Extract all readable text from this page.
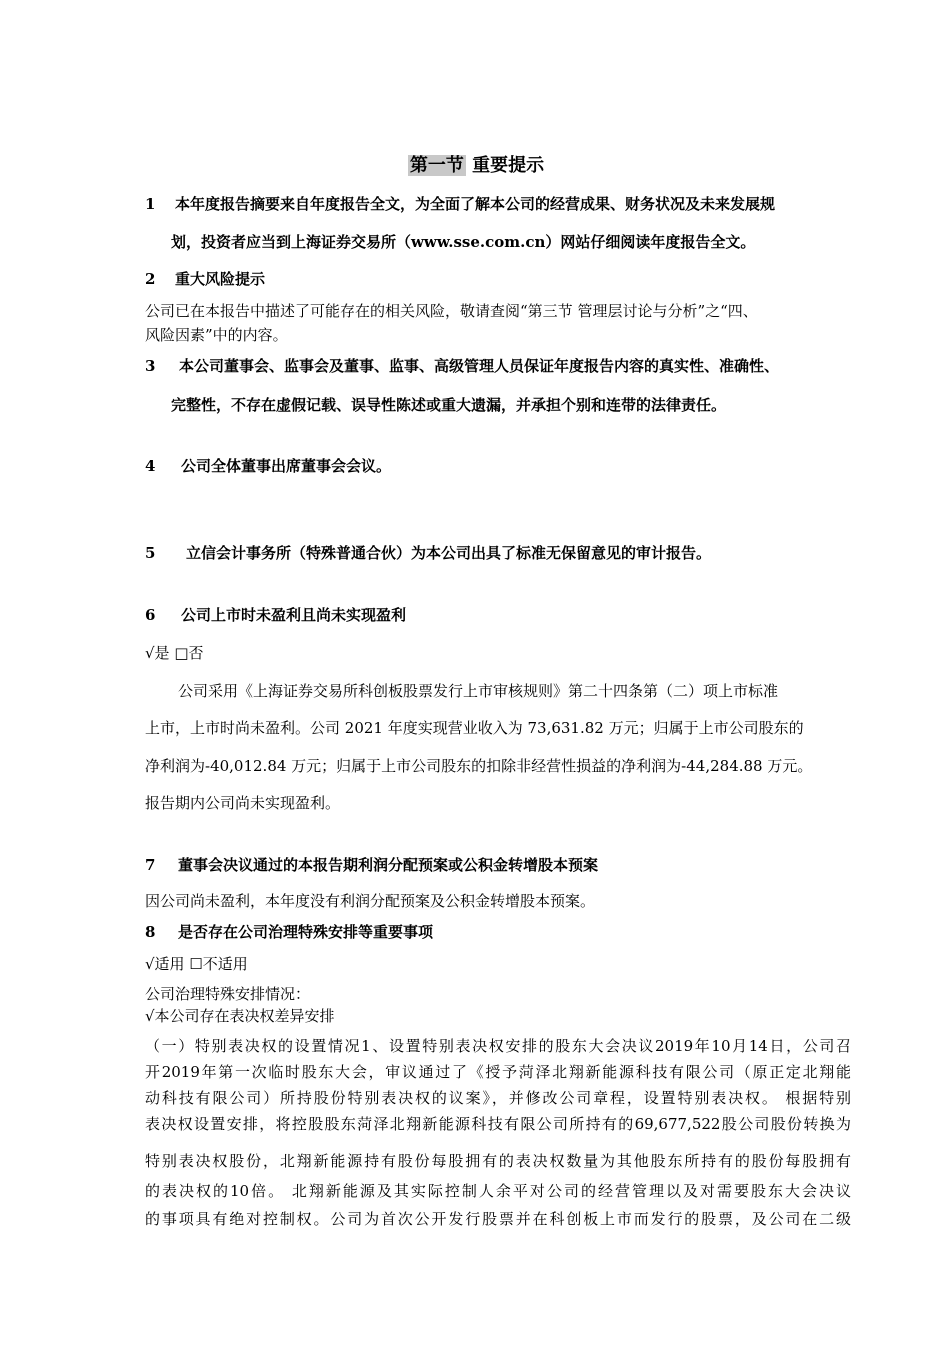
第一节 重要提示
1 本年度报告摘要来自年度报告全文，为全面了解本公司的经营成果、财务状况及未来发展规
划，投资者应当到上海证券交易所（www.sse.com.cn）网站仔细阅读年度报告全文。
2 重大风险提示
公司已在本报告中描述了可能存在的相关风险，敬请查阅“第三节 管理层讨论与分析”之“四、
风险因素”中的内容。
3 本公司董事会、监事会及董事、监事、高级管理人员保证年度报告内容的真实性、准确性、
完整性，不存在虚假记载、误导性陈述或重大遗漏，并承担个别和连带的法律责任。
4 公司全体董事出席董事会会议。
5 立信会计事务所（特殊普通合伙）为本公司出具了标准无保留意见的审计报告。
6 公司上市时未盈利且尚未实现盈利
√是 □否
公司采用《上海证券交易所科创板股票发行上市审核规则》第二十四条第（二）项上市标准
上市，上市时尚未盈利。公司 2021 年度实现营业收入为 73,631.82 万元；归属于上市公司股东的
净利润为-40,012.84 万元；归属于上市公司股东的扣除非经营性损益的净利润为-44,284.88 万元。
报告期内公司尚未实现盈利。
7 董事会决议通过的本报告期利润分配预案或公积金转增股本预案
因公司尚未盈利，本年度没有利润分配预案及公积金转增股本预案。
8 是否存在公司治理特殊安排等重要事项
√适用 ☐不适用
公司治理特殊安排情况：
√本公司存在表决权差异安排
（一）特别表决权的设置情况1、设置特别表决权安排的股东大会决议2019年10月14日，公司召
开2019年第一次临时股东大会，审议通过了《授予菏泽北翔新能源科技有限公司（原正定北翔能
动科技有限公司）所持股份特别表决权的议案》，并修改公司章程，设置特别表决权。 根据特别
表决权设置安排，将控股股东菏泽北翔新能源科技有限公司所持有的69,677,522股公司股份转换为
特别表决权股份，北翔新能源持有股份每股拥有的表决权数量为其他股东所持有的股份每股拥有
的表决权的10倍。 北翔新能源及其实际控制人余平对公司的经营管理以及对需要股东大会决议
的事项具有绝对控制权。公司为首次公开发行股票并在科创板上市而发行的股票，及公司在二级
